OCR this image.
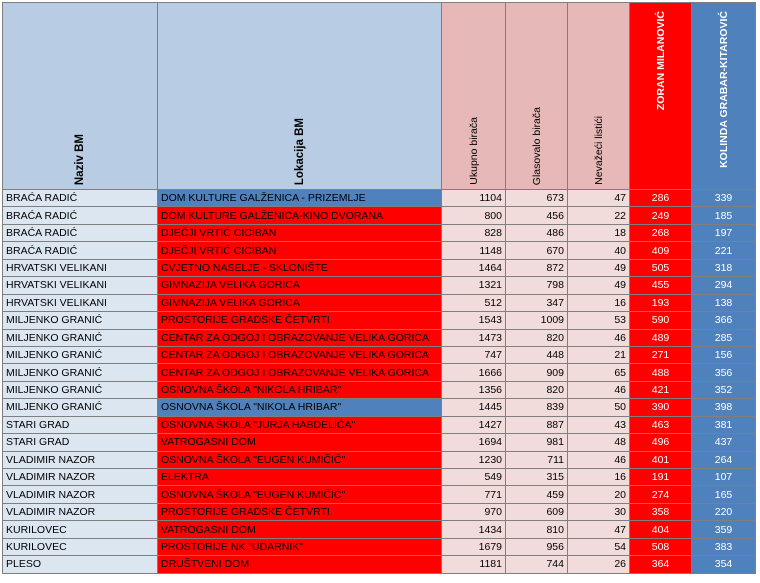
Naziv BM	Lokacija BM	Ukupno birača	Glasovalo birača	Nevažeći listići	ZORAN MILANOVIĆ	KOLINDA GRABAR-KITAROVIĆ

BRAĆA RADIĆ	DOM KULTURE GALŽENICA - PRIZEMLJE	1104	673	47	286	339
BRAĆA RADIĆ	DOM KULTURE GALŽENICA-KINO DVORANA	800	456	22	249	185
BRAĆA RADIĆ	DJEČJI VRTIĆ CICIBAN	828	486	18	268	197
BRAĆA RADIĆ	DJEČJI VRTIĆ CICIBAN	1148	670	40	409	221
HRVATSKI VELIKANI	CVJETNO NASELJE - SKLONIŠTE	1464	872	49	505	318
HRVATSKI VELIKANI	GIMNAZIJA VELIKA GORICA	1321	798	49	455	294
HRVATSKI VELIKANI	GIMNAZIJA VELIKA GORICA	512	347	16	193	138
MILJENKO GRANIĆ	PROSTORIJE GRADSKE ČETVRTI	1543	1009	53	590	366
MILJENKO GRANIĆ	CENTAR ZA ODGOJ I OBRAZOVANJE VELIKA GORICA	1473	820	46	489	285
MILJENKO GRANIĆ	CENTAR ZA ODGOJ I OBRAZOVANJE VELIKA GORICA	747	448	21	271	156
MILJENKO GRANIĆ	CENTAR ZA ODGOJ I OBRAZOVANJE VELIKA GORICA	1666	909	65	488	356
MILJENKO GRANIĆ	OSNOVNA ŠKOLA "NIKOLA HRIBAR"	1356	820	46	421	352
MILJENKO GRANIĆ	OSNOVNA ŠKOLA "NIKOLA HRIBAR"	1445	839	50	390	398
STARI GRAD	OSNOVNA ŠKOLA "JURJA HABDELIĆA"	1427	887	43	463	381
STARI GRAD	VATROGASNI DOM	1694	981	48	496	437
VLADIMIR NAZOR	OSNOVNA ŠKOLA "EUGEN KUMIČIĆ"	1230	711	46	401	264
VLADIMIR NAZOR	ELEKTRA	549	315	16	191	107
VLADIMIR NAZOR	OSNOVNA ŠKOLA "EUGEN KUMIČIĆ"	771	459	20	274	165
VLADIMIR NAZOR	PROSTORIJE GRADSKE ČETVRTI	970	609	30	358	220
KURILOVEC	VATROGASNI DOM	1434	810	47	404	359
KURILOVEC	PROSTORIJE NK "UDARNIK"	1679	956	54	508	383
PLESO	DRUŠTVENI DOM	1181	744	26	364	354
